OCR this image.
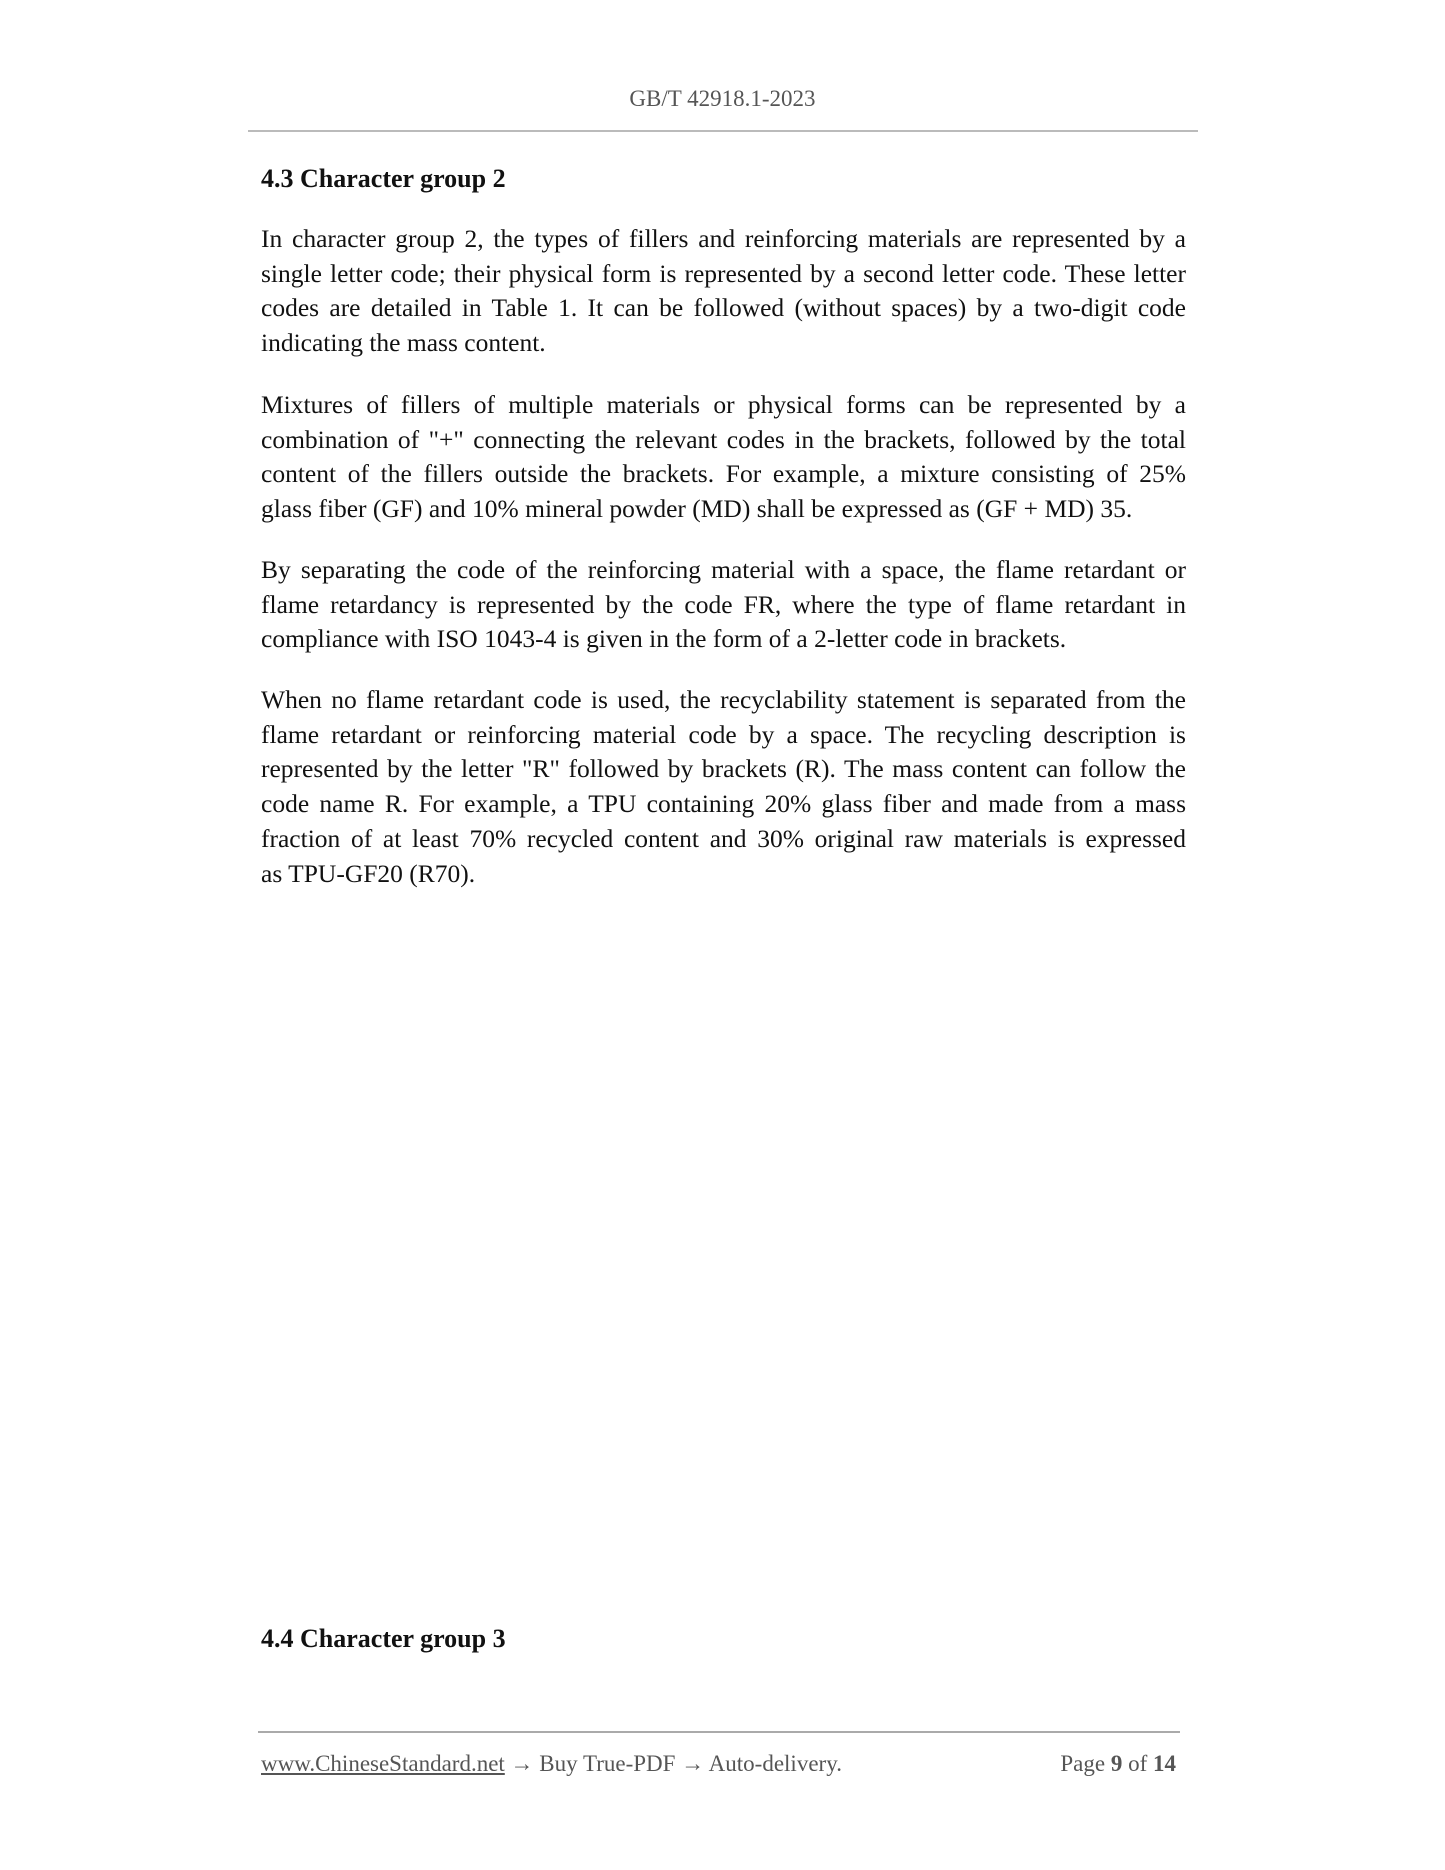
GB/T 42918.1-2023
4.3 Character group 2
In character group 2, the types of fillers and reinforcing materials are represented by a
single letter code; their physical form is represented by a second letter code. These letter
codes are detailed in Table 1. It can be followed (without spaces) by a two-digit code
indicating the mass content.
Mixtures of fillers of multiple materials or physical forms can be represented by a
combination of "+" connecting the relevant codes in the brackets, followed by the total
content of the fillers outside the brackets. For example, a mixture consisting of 25%
glass fiber (GF) and 10% mineral powder (MD) shall be expressed as (GF + MD) 35.
By separating the code of the reinforcing material with a space, the flame retardant or
flame retardancy is represented by the code FR, where the type of flame retardant in
compliance with ISO 1043-4 is given in the form of a 2-letter code in brackets.
When no flame retardant code is used, the recyclability statement is separated from the
flame retardant or reinforcing material code by a space. The recycling description is
represented by the letter "R" followed by brackets (R). The mass content can follow the
code name R. For example, a TPU containing 20% glass fiber and made from a mass
fraction of at least 70% recycled content and 30% original raw materials is expressed
as TPU-GF20 (R70).
4.4 Character group 3
www.ChineseStandard.net → Buy True-PDF → Auto-delivery.	Page 9 of 14
